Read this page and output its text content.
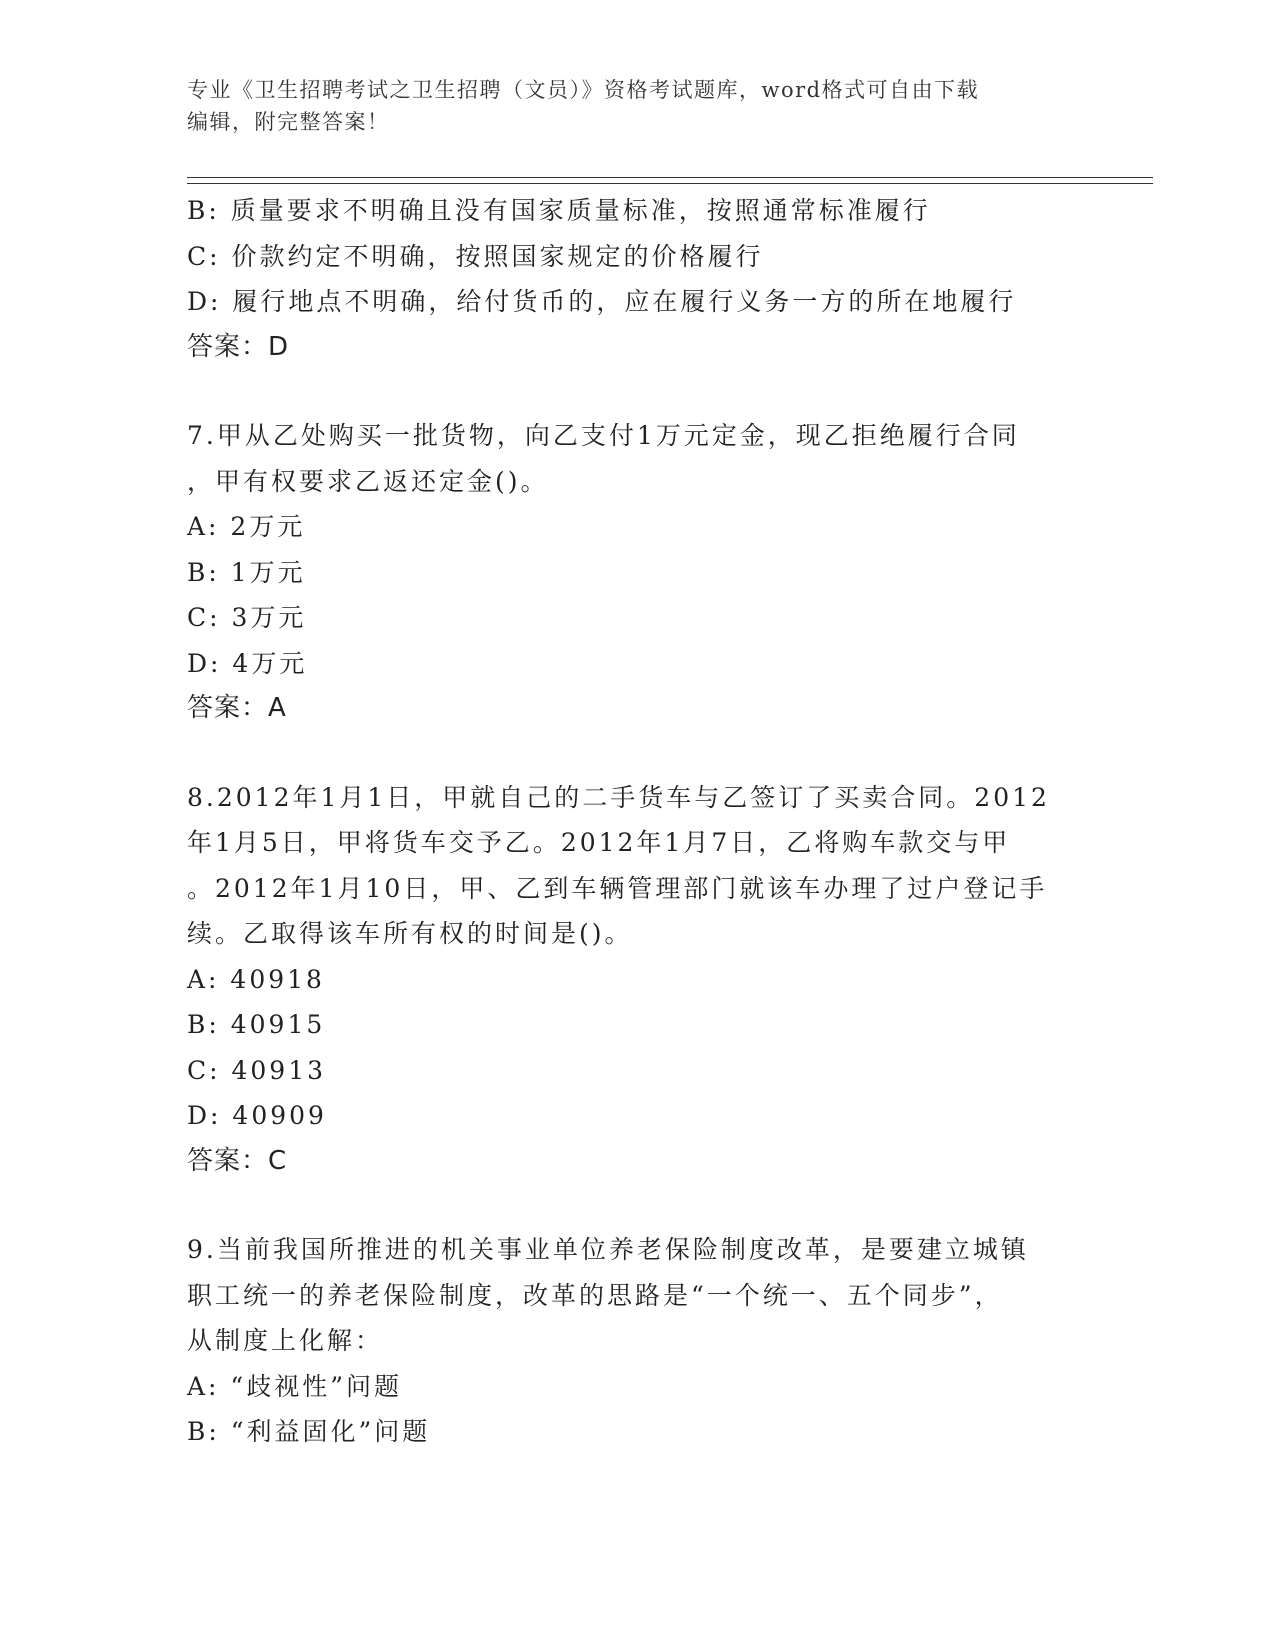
专业《卫生招聘考试之卫生招聘（文员）》资格考试题库，word格式可自由下载
编辑，附完整答案！
B: 质量要求不明确且没有国家质量标准，按照通常标准履行
C: 价款约定不明确，按照国家规定的价格履行
D: 履行地点不明确，给付货币的，应在履行义务一方的所在地履行
答案：D
7.甲从乙处购买一批货物，向乙支付1万元定金，现乙拒绝履行合同
，甲有权要求乙返还定金()。
A: 2万元
B: 1万元
C: 3万元
D: 4万元
答案：A
8.2012年1月1日，甲就自己的二手货车与乙签订了买卖合同。2012
年1月5日，甲将货车交予乙。2012年1月7日，乙将购车款交与甲
。2012年1月10日，甲、乙到车辆管理部门就该车办理了过户登记手
续。乙取得该车所有权的时间是()。
A: 40918
B: 40915
C: 40913
D: 40909
答案：C
9.当前我国所推进的机关事业单位养老保险制度改革，是要建立城镇
职工统一的养老保险制度，改革的思路是“一个统一、五个同步”，
从制度上化解：
A: “歧视性”问题
B: “利益固化”问题
